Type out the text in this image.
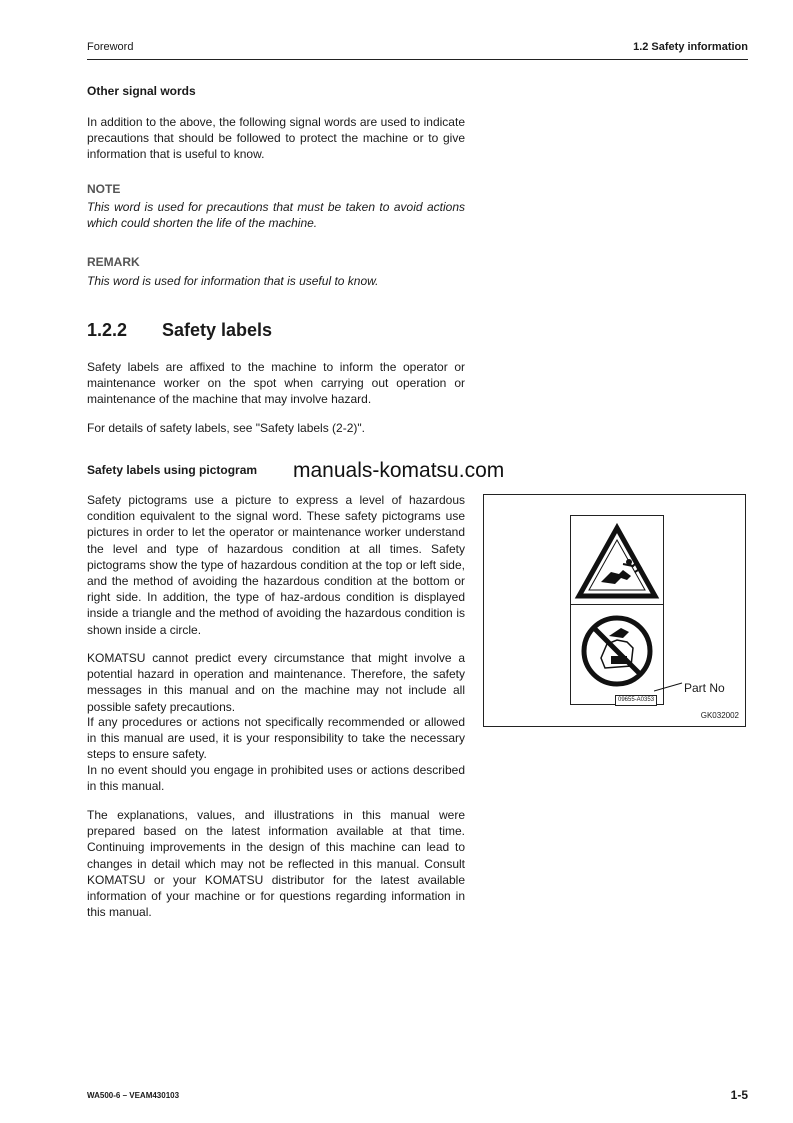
Foreword	1.2 Safety information
Other signal words

In addition to the above, the following signal words are used to indicate precautions that should be followed to protect the machine or to give information that is useful to know.

NOTE

This word is used for precautions that must be taken to avoid actions which could shorten the life of the machine.

REMARK

This word is used for information that is useful to know.

1.2.2 Safety labels

Safety labels are affixed to the machine to inform the operator or maintenance worker on the spot when carrying out operation or maintenance of the machine that may involve hazard.

For details of safety labels, see "Safety labels (2-2)".

Safety labels using pictogram manuals-komatsu.com

Safety pictograms use a picture to express a level of hazardous condition equivalent to the signal word. These safety pictograms use pictures in order to let the operator or maintenance worker understand the level and type of hazardous condition at all times. Safety pictograms show the type of hazardous condition at the top or left side, and the method of avoiding the hazardous condition at the bottom or right side. In addition, the type of haz-ardous condition is displayed inside a triangle and the method of avoiding the hazardous condition is shown inside a circle.

KOMATSU cannot predict every circumstance that might involve a potential hazard in operation and maintenance. Therefore, the safety messages in this manual and on the machine may not include all possible safety precautions.

If any procedures or actions not specifically recommended or allowed in this manual are used, it is your responsibility to take the necessary steps to ensure safety.

In no event should you engage in prohibited uses or actions described in this manual.

The explanations, values, and illustrations in this manual were prepared based on the latest information available at that time. Continuing improvements in the design of this machine can lead to changes in detail which may not be reflected in this manual. Consult KOMATSU or your KOMATSU distributor for the latest available information of your machine or for questions regarding information in this manual.

09655-A0353
Part No
GK032002
WA500-6 – VEAM430103	1-5
